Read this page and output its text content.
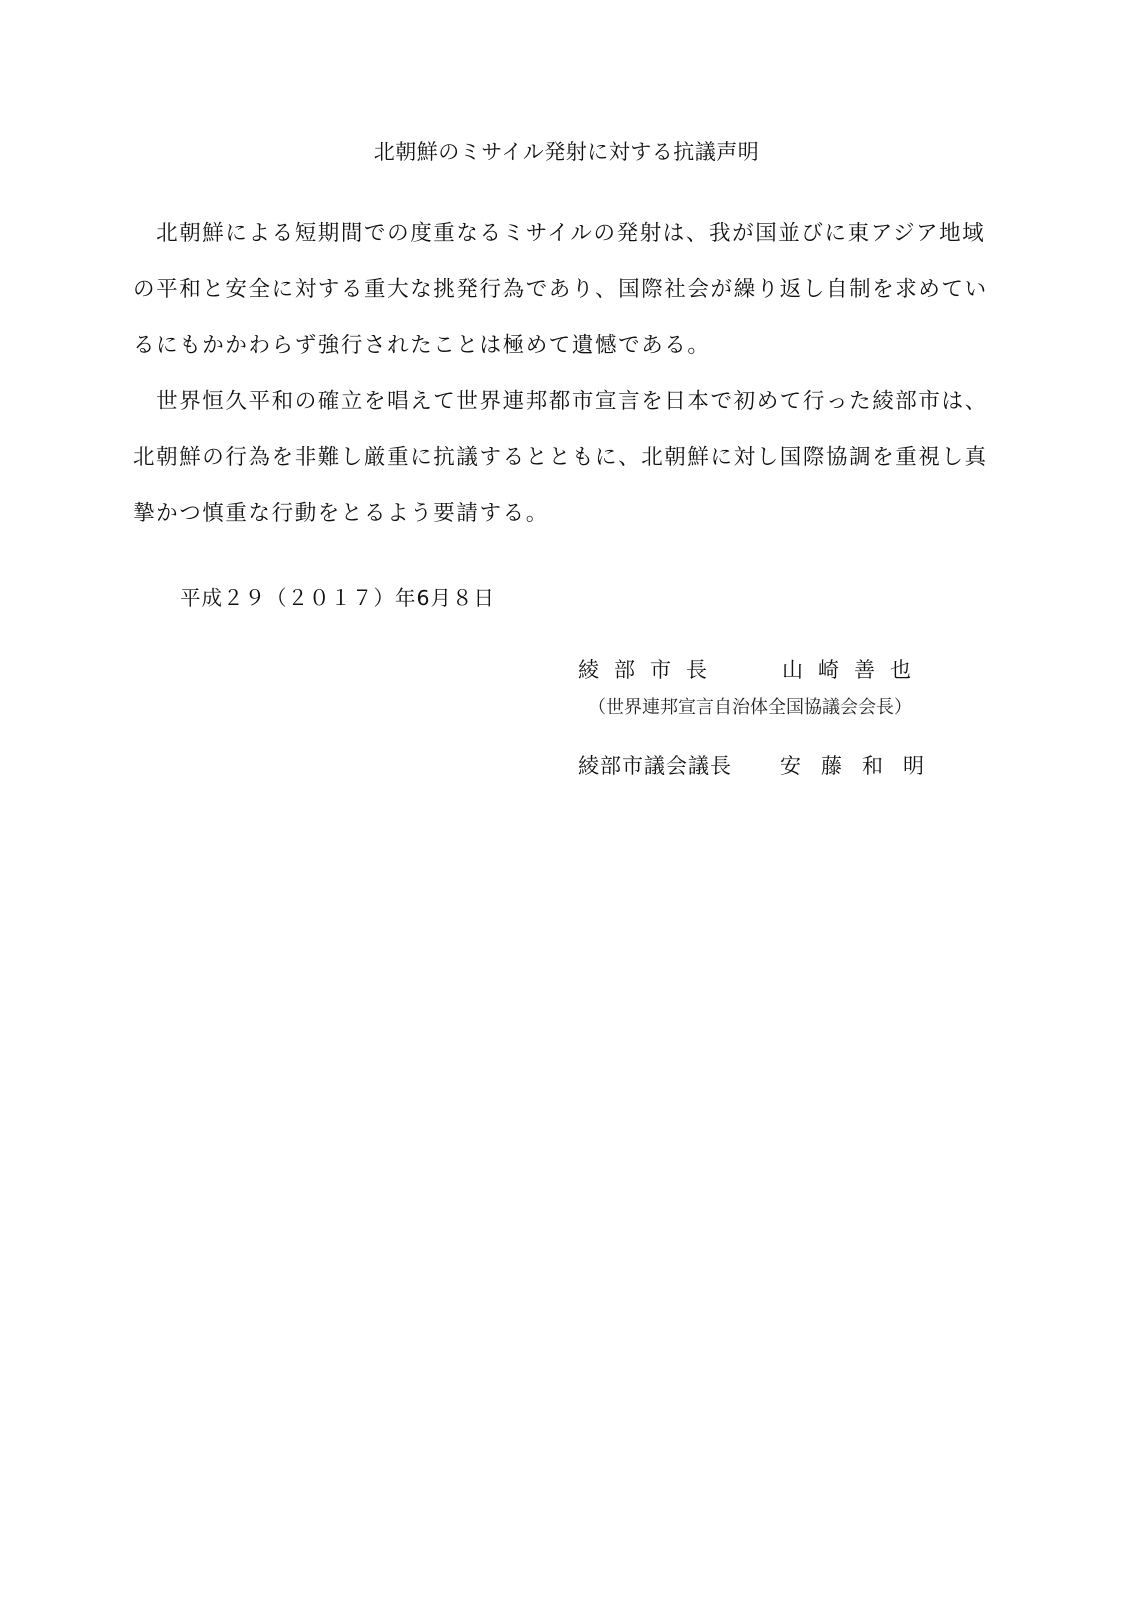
北朝鮮のミサイル発射に対する抗議声明
　北朝鮮による短期間での度重なるミサイルの発射は、我が国並びに東アジア地域
の平和と安全に対する重大な挑発行為であり、国際社会が繰り返し自制を求めてい
るにもかかわらず強行されたことは極めて遺憾である。
　世界恒久平和の確立を唱えて世界連邦都市宣言を日本で初めて行った綾部市は、
北朝鮮の行為を非難し厳重に抗議するとともに、北朝鮮に対し国際協調を重視し真
摯かつ慎重な行動をとるよう要請する。
平成２９（２０１７）年6月８日
綾部市長	山崎善也
（世界連邦宣言自治体全国協議会会長）
綾部市議会議長 安藤和明
